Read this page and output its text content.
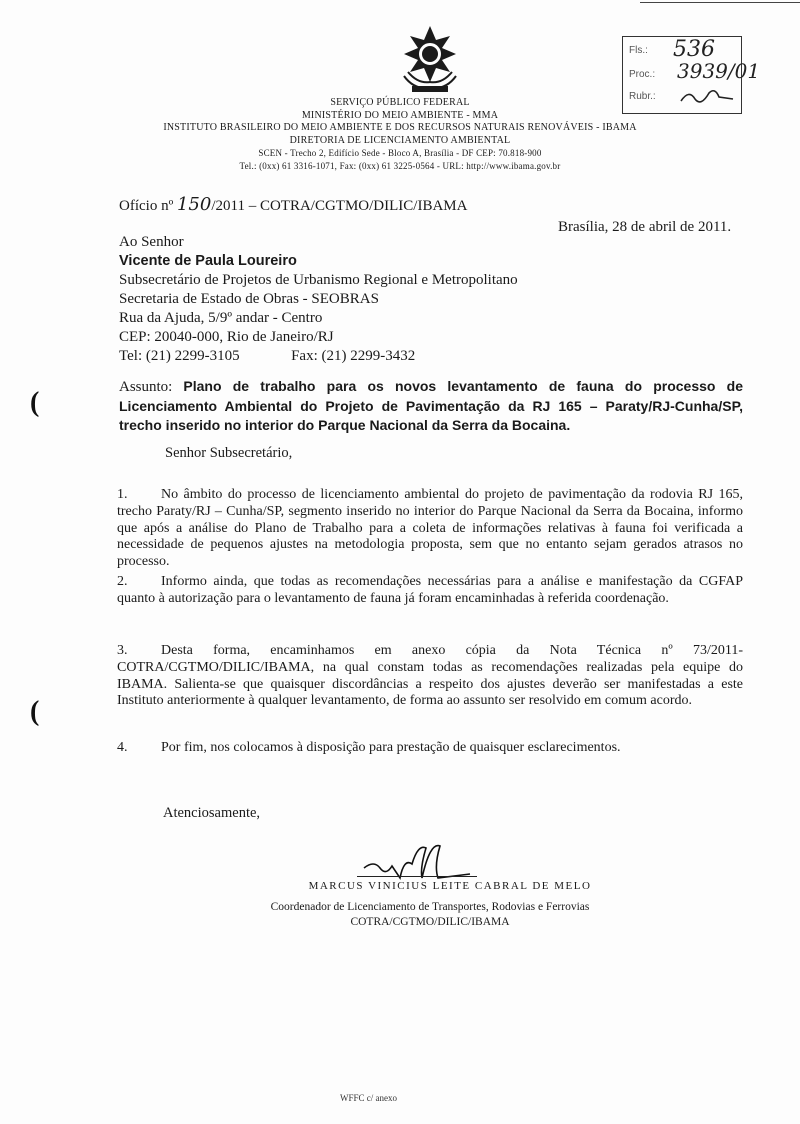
SERVIÇO PÚBLICO FEDERAL
MINISTÉRIO DO MEIO AMBIENTE - MMA
INSTITUTO BRASILEIRO DO MEIO AMBIENTE E DOS RECURSOS NATURAIS RENOVÁVEIS - IBAMA
DIRETORIA DE LICENCIAMENTO AMBIENTAL
SCEN - Trecho 2, Edifício Sede - Bloco A, Brasília - DF CEP: 70.818-900
Tel.: (0xx) 61 3316-1071, Fax: (0xx) 61 3225-0564 - URL: http://www.ibama.gov.br
Fls.: 536
Proc.: 3939/01
Rubr.:
Ofício nº 150/2011 – COTRA/CGTMO/DILIC/IBAMA
Brasília, 28 de abril de 2011.
Ao Senhor
Vicente de Paula Loureiro
Subsecretário de Projetos de Urbanismo Regional e Metropolitano
Secretaria de Estado de Obras - SEOBRAS
Rua da Ajuda, 5/9º andar - Centro
CEP: 20040-000, Rio de Janeiro/RJ
Tel: (21) 2299-3105	Fax: (21) 2299-3432
Assunto: Plano de trabalho para os novos levantamento de fauna do processo de Licenciamento Ambiental do Projeto de Pavimentação da RJ 165 – Paraty/RJ-Cunha/SP, trecho inserido no interior do Parque Nacional da Serra da Bocaina.
Senhor Subsecretário,
1. No âmbito do processo de licenciamento ambiental do projeto de pavimentação da rodovia RJ 165, trecho Paraty/RJ – Cunha/SP, segmento inserido no interior do Parque Nacional da Serra da Bocaina, informo que após a análise do Plano de Trabalho para a coleta de informações relativas à fauna foi verificada a necessidade de pequenos ajustes na metodologia proposta, sem que no entanto sejam gerados atrasos no processo.
2. Informo ainda, que todas as recomendações necessárias para a análise e manifestação da CGFAP quanto à autorização para o levantamento de fauna já foram encaminhadas à referida coordenação.
3. Desta forma, encaminhamos em anexo cópia da Nota Técnica nº 73/2011-COTRA/CGTMO/DILIC/IBAMA, na qual constam todas as recomendações realizadas pela equipe do IBAMA. Salienta-se que quaisquer discordâncias a respeito dos ajustes deverão ser manifestadas a este Instituto anteriormente à qualquer levantamento, de forma ao assunto ser resolvido em comum acordo.
4. Por fim, nos colocamos à disposição para prestação de quaisquer esclarecimentos.
Atenciosamente,
MARCUS VINICIUS LEITE CABRAL DE MELO
Coordenador de Licenciamento de Transportes, Rodovias e Ferrovias
COTRA/CGTMO/DILIC/IBAMA
(
(
WFFC c/ anexo
